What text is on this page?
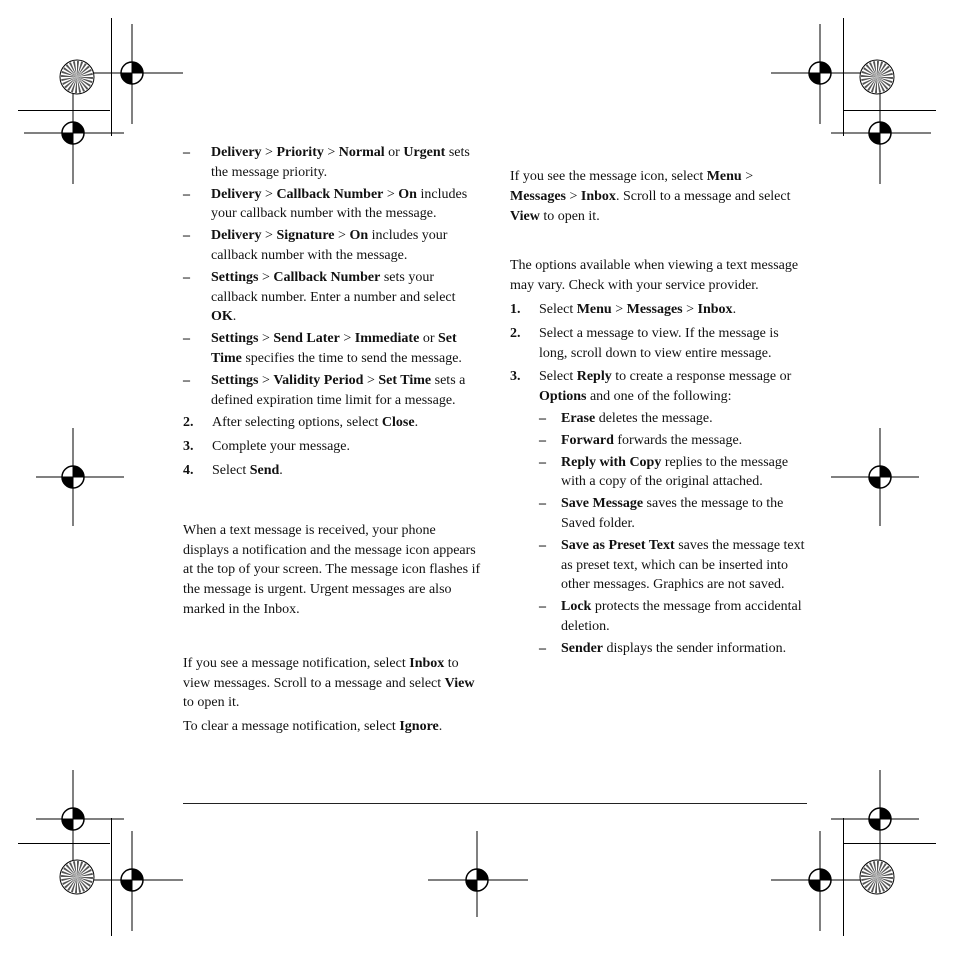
– Delivery > Priority > Normal or Urgent sets the message priority.
– Delivery > Callback Number > On includes your callback number with the message.
– Delivery > Signature > On includes your callback number with the message.
– Settings > Callback Number sets your callback number. Enter a number and select OK.
– Settings > Send Later > Immediate or Set Time specifies the time to send the message.
– Settings > Validity Period > Set Time sets a defined expiration time limit for a message.
2. After selecting options, select Close.
3. Complete your message.
4. Select Send.

When a text message is received, your phone displays a notification and the message icon appears at the top of your screen. The message icon flashes if the message is urgent. Urgent messages are also marked in the Inbox.

If you see a message notification, select Inbox to view messages. Scroll to a message and select View to open it.

To clear a message notification, select Ignore.

If you see the message icon, select Menu > Messages > Inbox. Scroll to a message and select View to open it.

The options available when viewing a text message may vary. Check with your service provider.

1. Select Menu > Messages > Inbox.
2. Select a message to view. If the message is long, scroll down to view entire message.
3. Select Reply to create a response message or Options and one of the following:
– Erase deletes the message.
– Forward forwards the message.
– Reply with Copy replies to the message with a copy of the original attached.
– Save Message saves the message to the Saved folder.
– Save as Preset Text saves the message text as preset text, which can be inserted into other messages. Graphics are not saved.
– Lock protects the message from accidental deletion.
– Sender displays the sender information.
